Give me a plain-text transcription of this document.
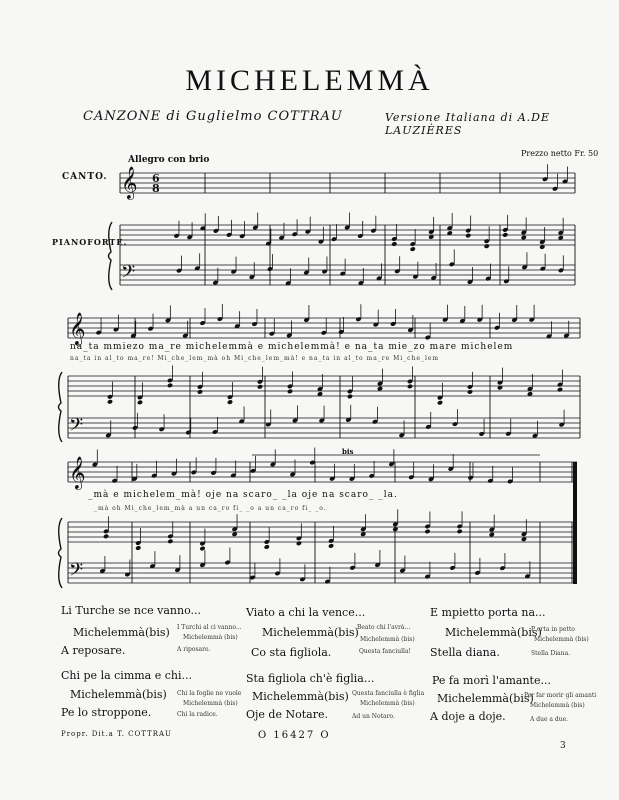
MICHELEMMÀ
CANZONE di Guglielmo COTTRAU	Versione Italiana di A.DE LAUZIÈRES
Prezzo netto Fr. 50
Allegro con brio
CANTO.
PIANOFORTE.
na_ta mmiezo ma_re michelemmà e michelemmà! e na_ta mie_zo mare michelem
na_ta in al_to ma_re! Mi_che_lem_mà oh Mi_che_lem_mà! e na_ta in al_to ma_re Mi_che_lem
_mà e michelem_mà! oje na scaro_ _la oje na scaro_ _la.
_mà oh Mi_che_lem_mà a un ca_ro fi_ _o a un ca_ro fi_ _o.
bis
Li Turche se nce vanno...
Michelemmà(bis)
A reposare.
I Turchi al ci vanno...
Michelemmà (bis)
A riposare.
Viato a chi la vence...
Michelemmà(bis)
Co sta figliola.
Beato chi l'avrà...
Michelemmà (bis)
Questa fanciulla!
E mpietto porta na...
Michelemmà(bis)
Stella diana.
P orta in petto
Michelemmà (bis)
Stella Diana.
Chi pe la cimma e chi...
Michelemmà(bis)
Pe lo stroppone.
Chi la foglie ne vuole
Michelemmà (bis)
Chi la radice.
Sta figliola ch'è figlia...
Michelemmà(bis)
Oje de Notare.
Questa fanciulla è figlia
Michelemmà (bis)
Ad un Notaro.
Pe fa morì l'amante...
Michelemmà(bis)
A doje a doje.
Per far morir gli amanti
Michelemmà (bis)
A due a due.
Propr. Dit.a T. COTTRAU	O 16427 O
3
𝄞
𝄢
6
8
𝄞
𝄢
𝄞
𝄢
